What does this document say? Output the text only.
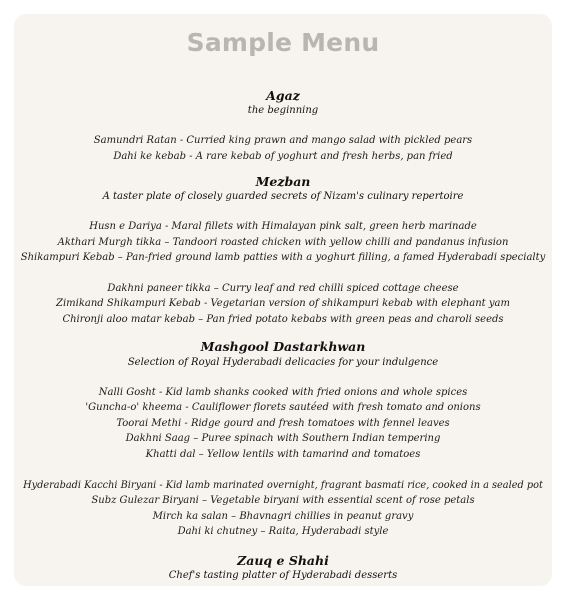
Sample Menu

Agaz

the beginning

Samundri Ratan - Curried king prawn and mango salad with pickled pears

Dahi ke kebab - A rare kebab of yoghurt and fresh herbs, pan fried

Mezban

A taster plate of closely guarded secrets of Nizam's culinary repertoire

Husn e Dariya - Maral fillets with Himalayan pink salt, green herb marinade

Akthari Murgh tikka – Tandoori roasted chicken with yellow chilli and pandanus infusion

Shikampuri Kebab – Pan-fried ground lamb patties with a yoghurt filling, a famed Hyderabadi specialty

Dakhni paneer tikka – Curry leaf and red chilli spiced cottage cheese

Zimikand Shikampuri Kebab - Vegetarian version of shikampuri kebab with elephant yam

Chironji aloo matar kebab – Pan fried potato kebabs with green peas and charoli seeds

Mashgool Dastarkhwan

Selection of Royal Hyderabadi delicacies for your indulgence

Nalli Gosht - Kid lamb shanks cooked with fried onions and whole spices

'Guncha-o' kheema - Cauliflower florets sautéed with fresh tomato and onions

Toorai Methi - Ridge gourd and fresh tomatoes with fennel leaves

Dakhni Saag – Puree spinach with Southern Indian tempering

Khatti dal – Yellow lentils with tamarind and tomatoes

Hyderabadi Kacchi Biryani - Kid lamb marinated overnight, fragrant basmati rice, cooked in a sealed pot

Subz Gulezar Biryani – Vegetable biryani with essential scent of rose petals

Mirch ka salan – Bhavnagri chillies in peanut gravy

Dahi ki chutney – Raita, Hyderabadi style

Zauq e Shahi

Chef's tasting platter of Hyderabadi desserts
